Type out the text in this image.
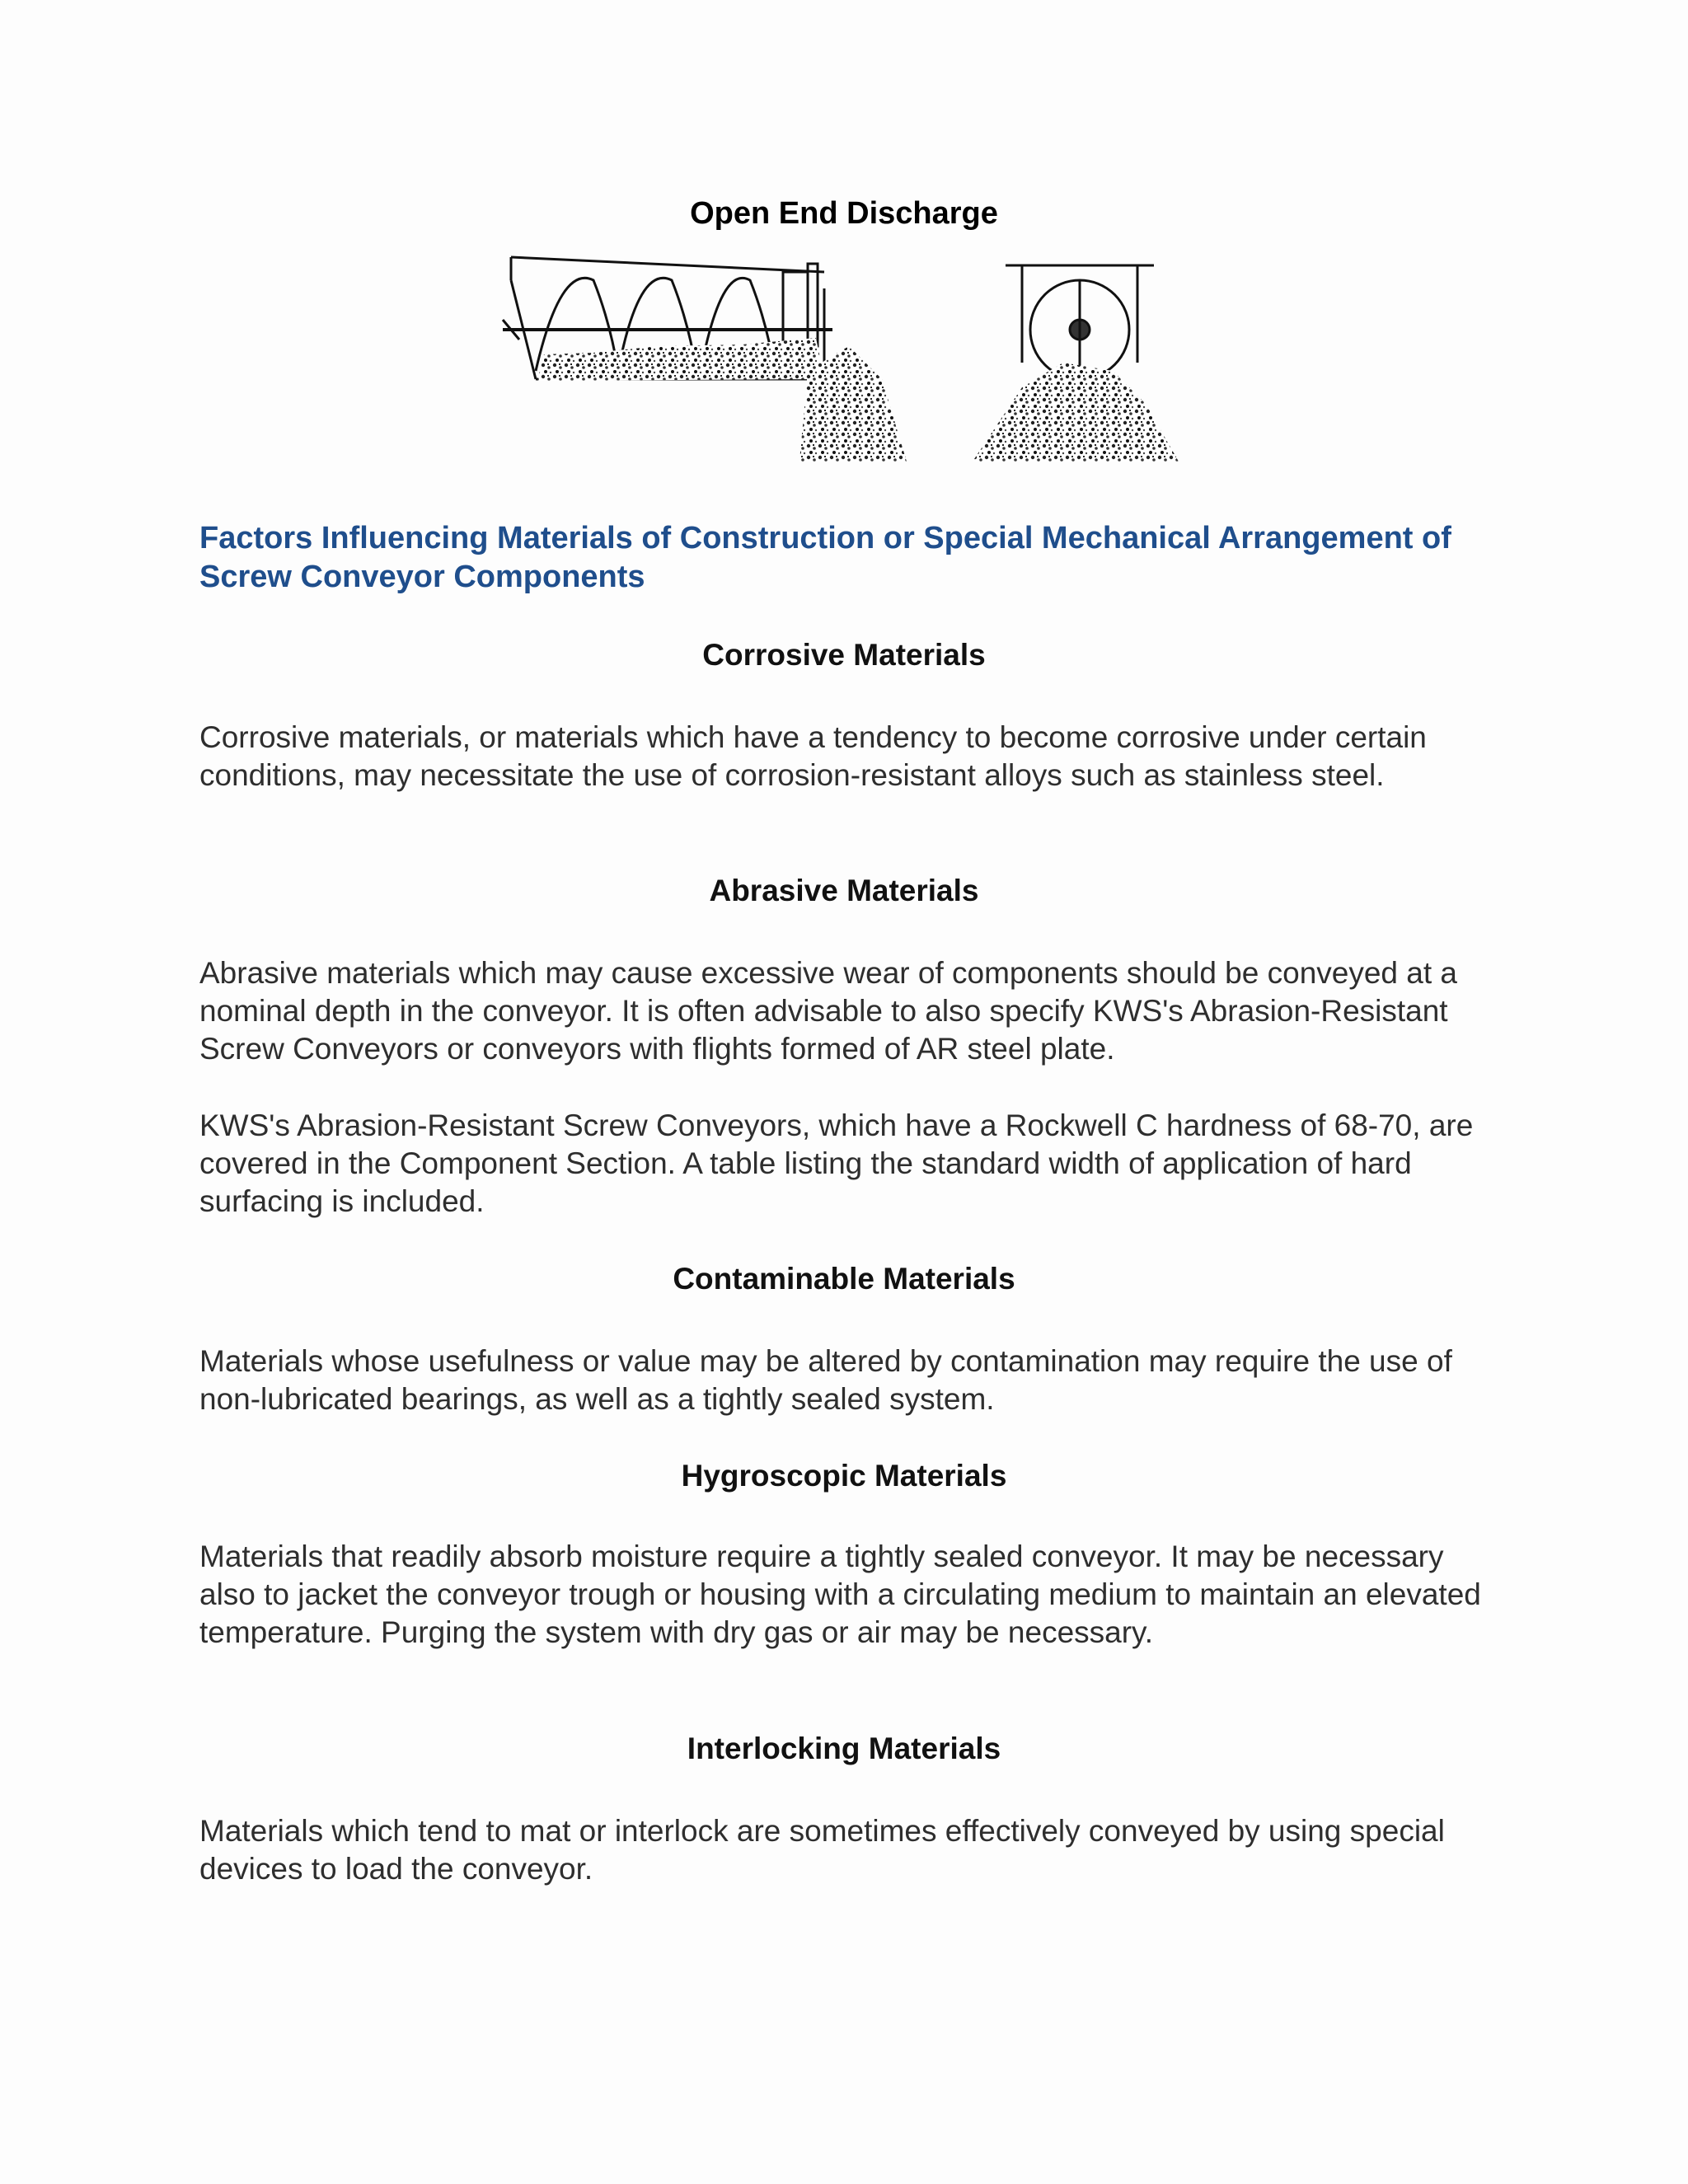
Open End Discharge
Factors Influencing Materials of Construction or Special Mechanical Arrangement of Screw Conveyor Components
Corrosive Materials
Corrosive materials, or materials which have a tendency to become corrosive under certain conditions, may necessitate the use of corrosion-resistant alloys such as stainless steel.
Abrasive Materials
Abrasive materials which may cause excessive wear of components should be conveyed at a nominal depth in the conveyor. It is often advisable to also specify KWS's Abrasion-Resistant Screw Conveyors or conveyors with flights formed of AR steel plate.
KWS's Abrasion-Resistant Screw Conveyors, which have a Rockwell C hardness of 68-70, are covered in the Component Section. A table listing the standard width of application of hard surfacing is included.
Contaminable Materials
Materials whose usefulness or value may be altered by contamination may require the use of non-lubricated bearings, as well as a tightly sealed system.
Hygroscopic Materials
Materials that readily absorb moisture require a tightly sealed conveyor. It may be necessary also to jacket the conveyor trough or housing with a circulating medium to maintain an elevated temperature. Purging the system with dry gas or air may be necessary.
Interlocking Materials
Materials which tend to mat or interlock are sometimes effectively conveyed by using special devices to load the conveyor.
